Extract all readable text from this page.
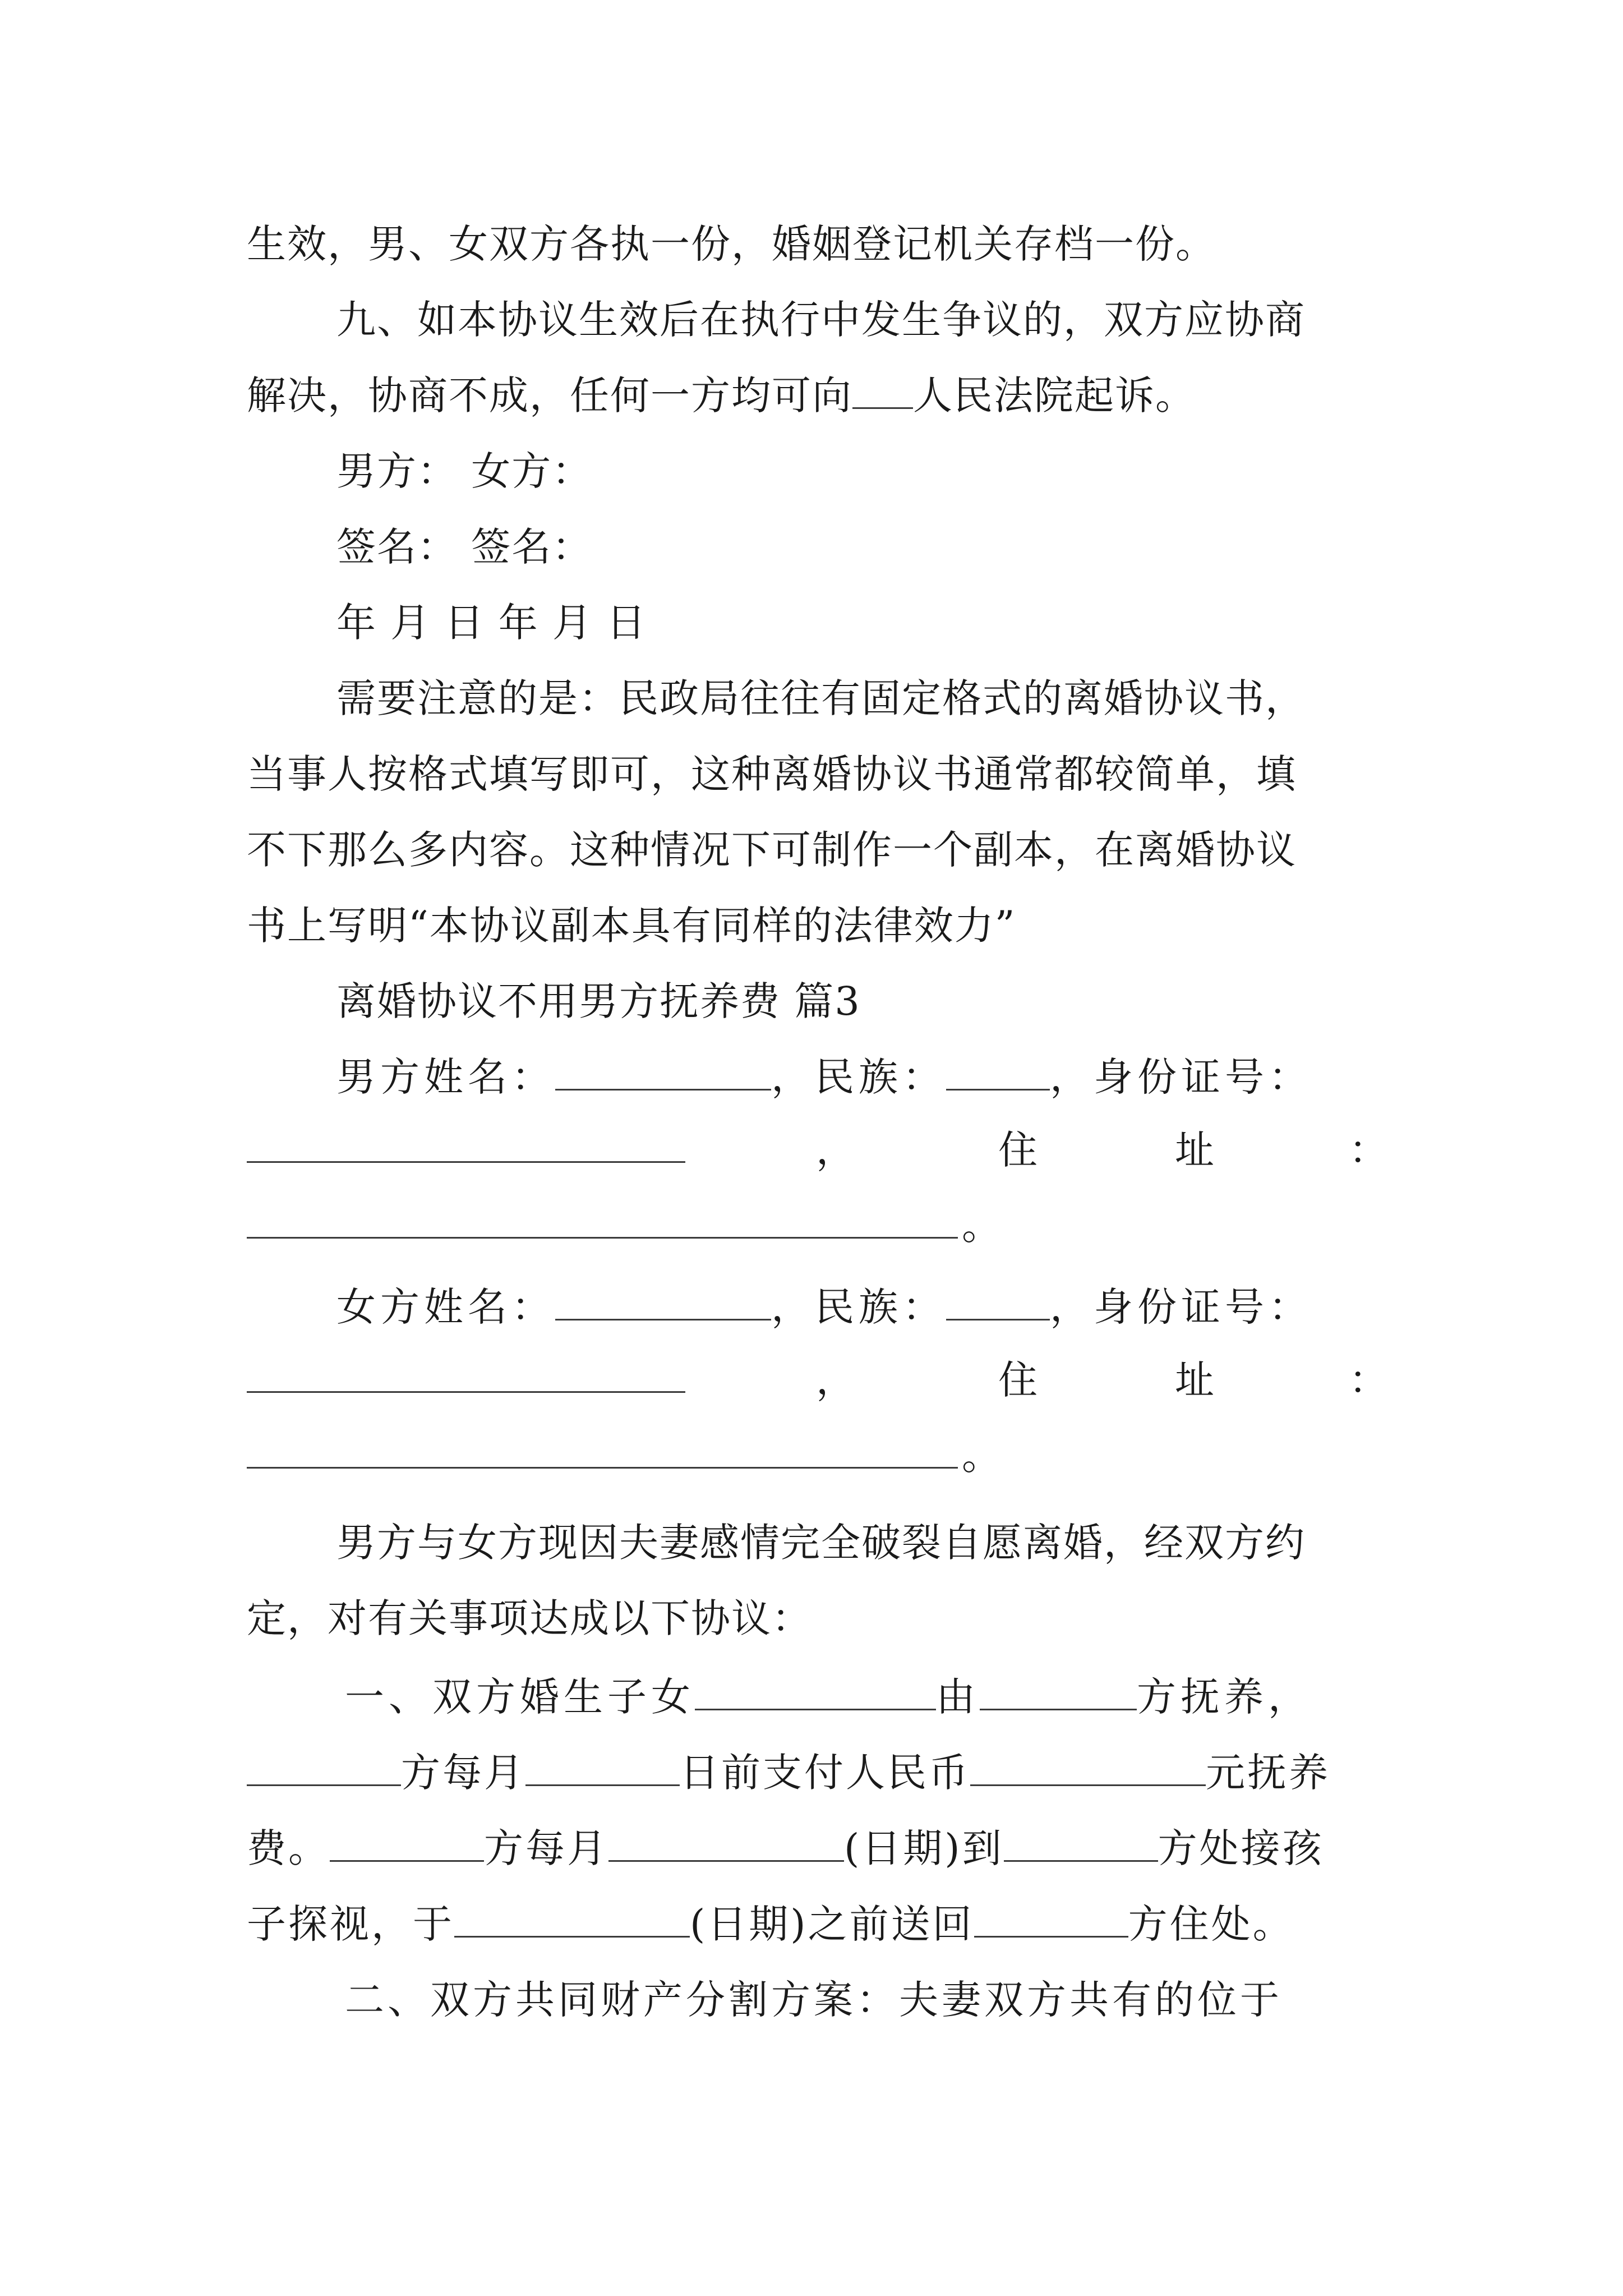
生效，男、女双方各执一份，婚姻登记机关存档一份。
九、如本协议生效后在执行中发生争议的，双方应协商
解决，协商不成，任何一方均可向 人民法院起诉。
男方： 女方：
签名： 签名：
年 月 日 年 月 日
需要注意的是：民政局往往有固定格式的离婚协议书，
当事人按格式填写即可，这种离婚协议书通常都较简单，填
不下那么多内容。这种情况下可制作一个副本，在离婚协议
书上写明“本协议副本具有同样的法律效力”
离婚协议不用男方抚养费 篇3
男方姓名：	，民族：	，身份证号：
，	住	址	：
。
女方姓名：	，民族：	，身份证号：
，	住	址	：
。
男方与女方现因夫妻感情完全破裂自愿离婚，经双方约
定，对有关事项达成以下协议：
一、双方婚生子女	由	方抚养，
方每月	日前支付人民币	元抚养
费。	方每月	(日期)到	方处接孩
子探视，于	(日期)之前送回	方住处。
二、双方共同财产分割方案：夫妻双方共有的位于
